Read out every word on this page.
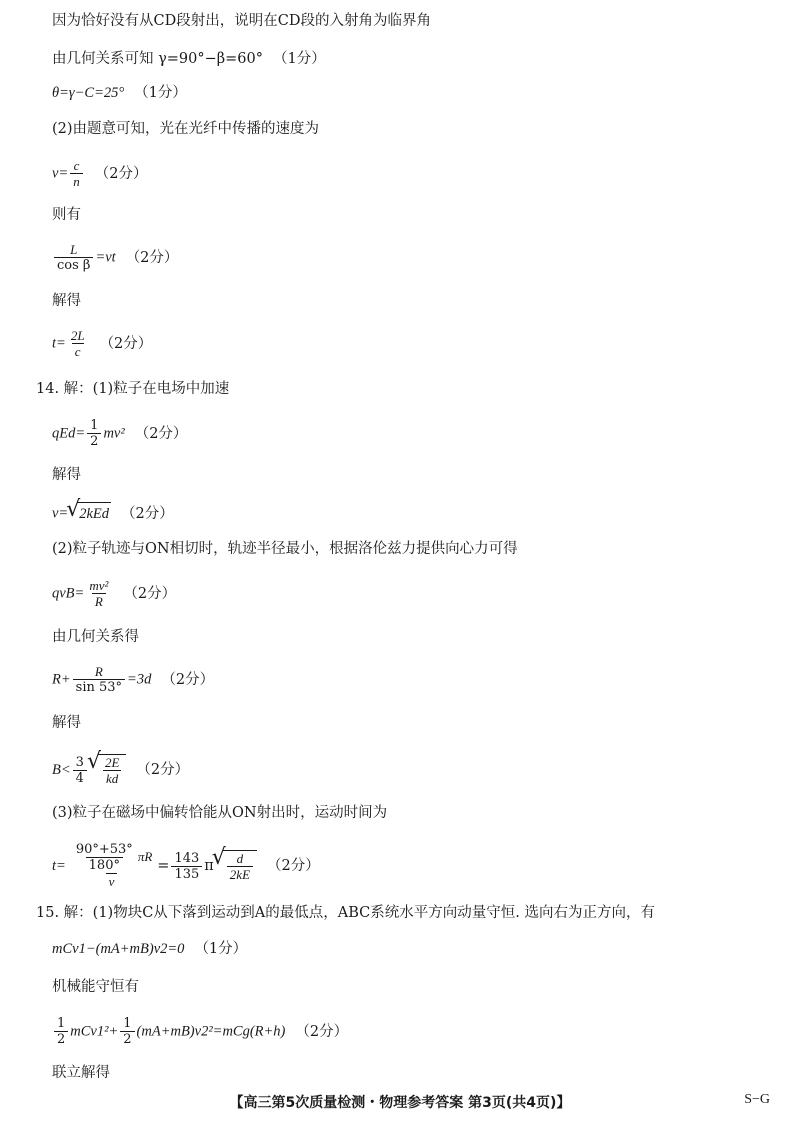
因为恰好没有从CD段射出，说明在CD段的入射角为临界角
由几何关系可知 γ=90°−β=60° （1分）
θ=γ−C=25° （1分）
(2)由题意可知，光在光纤中传播的速度为
$v= \frac{c}{n} (2$分）
则有
$\frac{L}{\text{cos β}} =vt$ （2分）
解得
$t= \frac{2L}{c} (2$分）
14. 解：(1)粒子在电场中加速
$qEd= \frac{1}{2} mv^2$ （2分）
解得
v= √ 2kEd （2分）
(2)粒子轨迹与ON相切时，轨迹半径最小，根据洛伦兹力提供向心力可得
$qvB= \frac{\text{mv²}}{R} (2$分）
由几何关系得
$R+ \frac{R}{\sin 53^\circ} =3d$ （2分）
解得
$B< \frac{3}{4}$ √ $\frac{2E}{kd} (2$分）
(3)粒子在磁场中偏转恰能从ON射出时，运动时间为
$t= \frac{\frac{90^\circ+53^\circ}{180^\circ} \pi R}{v} = \frac{143}{135}$ π √ $\frac{d}{2kE} (2$分）
15. 解：(1)物块C从下落到运动到A的最低点，ABC系统水平方向动量守恒. 选向右为正方向，有
mCv1−(mA+mB)v2=0 （1分）
机械能守恒有
$\frac{1}{2} mCv1^2+ \frac{1}{2} (mA+mB)v2^2=mCg(R+h)$ （2分）
联立解得
【高三第5次质量检测・物理参考答案 第3页(共4页)】	S−G
